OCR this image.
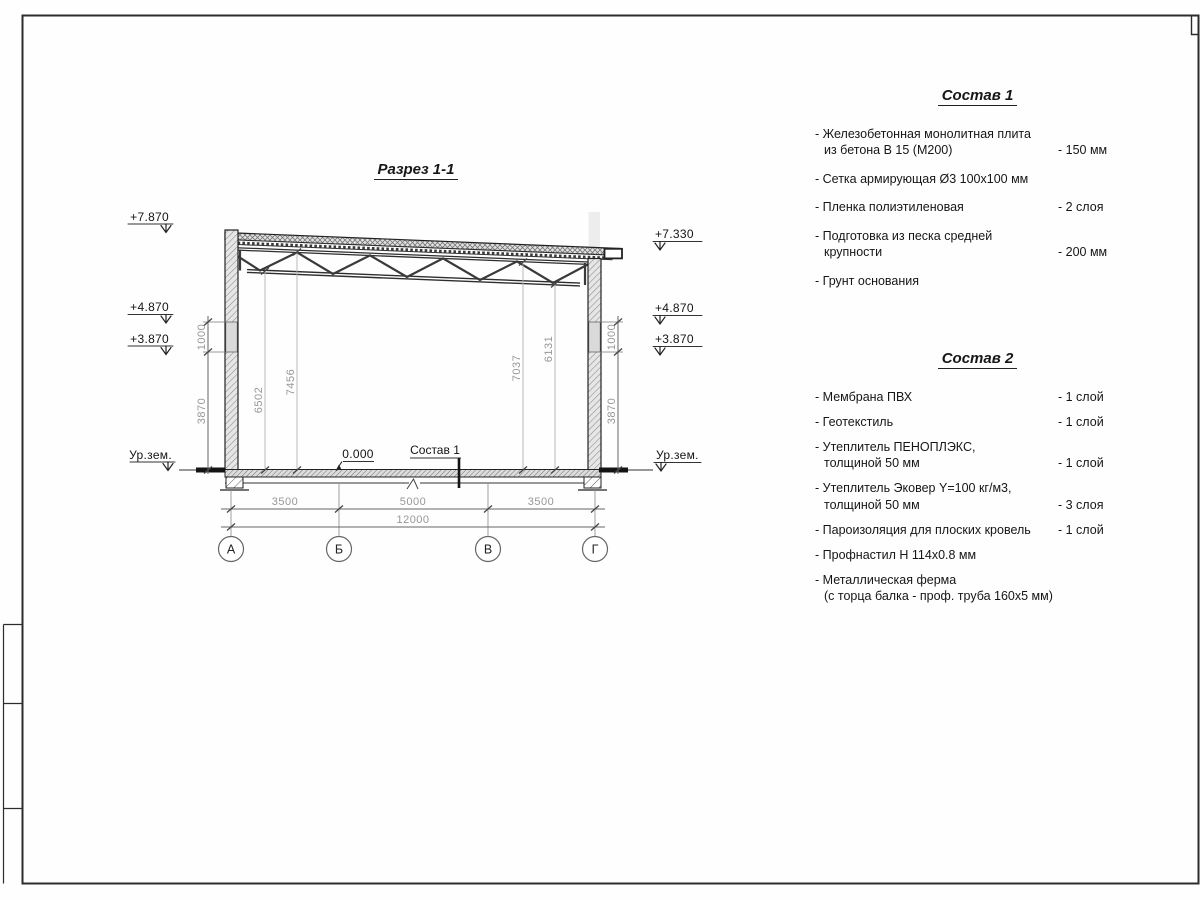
6502
7456
7037
6131
1000
3870
1000
3870
3500	5000	3500
12000
А	Б	В	Г
+7.870
+4.870
+3.870
Ур.зем.
+7.330
+4.870
+3.870
Ур.зем.
0.000	Состав 1
Разрез 1-1
Состав 1
- Железобетонная монолитная плита
из бетона В 15 (М200)	- 150 мм
- Сетка армирующая Ø3 100x100 мм
- Пленка полиэтиленовая	- 2 слоя
- Подготовка из песка средней
крупности	- 200 мм
- Грунт основания
Состав 2
- Мембрана ПВХ	- 1 слой
- Геотекстиль	- 1 слой
- Утеплитель ПЕНОПЛЭКС,
толщиной 50 мм	- 1 слой
- Утеплитель Эковер Y=100 кг/м3,
толщиной 50 мм	- 3 слоя
- Пароизоляция для плоских кровель	- 1 слой
- Профнастил Н 114x0.8 мм
- Металлическая ферма
(с торца балка - проф. труба 160x5 мм)
